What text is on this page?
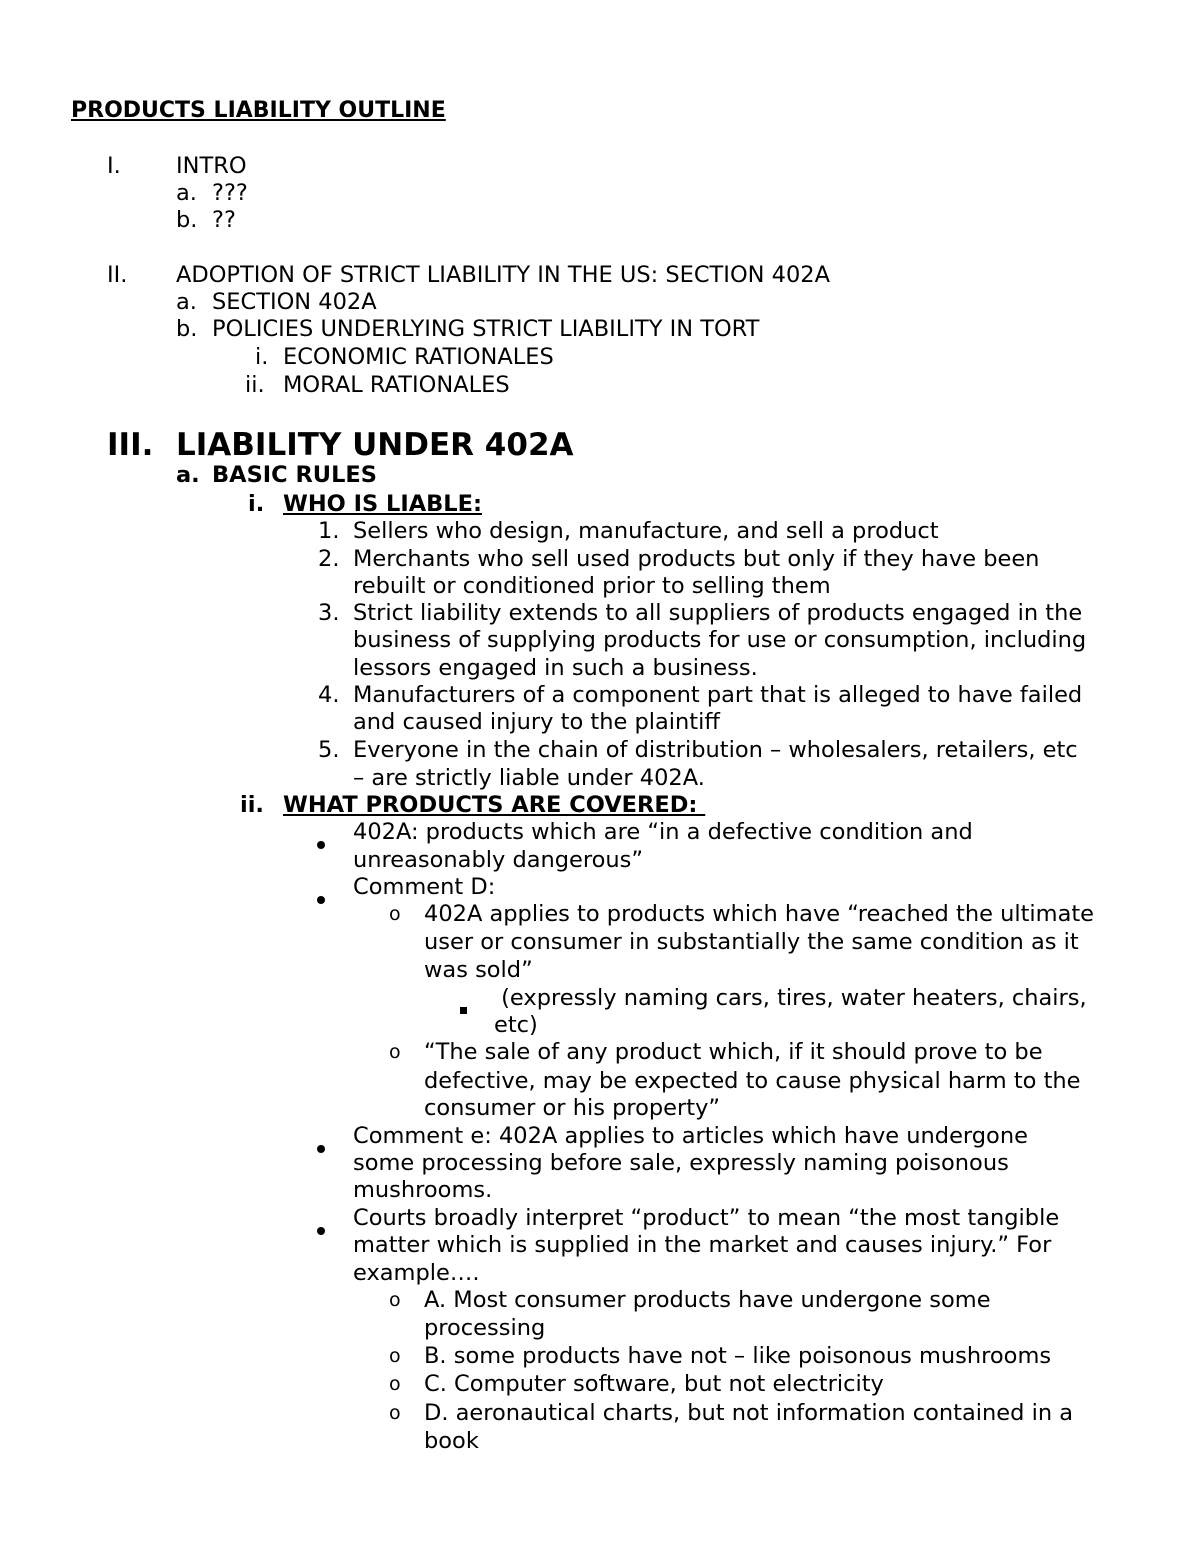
PRODUCTS LIABILITY OUTLINE
I. INTRO
a. ???
b. ??
II. ADOPTION OF STRICT LIABILITY IN THE US: SECTION 402A
a. SECTION 402A
b. POLICIES UNDERLYING STRICT LIABILITY IN TORT
i. ECONOMIC RATIONALES
ii. MORAL RATIONALES
III. LIABILITY UNDER 402A
a. BASIC RULES
i. WHO IS LIABLE:
1. Sellers who design, manufacture, and sell a product
2. Merchants who sell used products but only if they have been
rebuilt or conditioned prior to selling them
3. Strict liability extends to all suppliers of products engaged in the
business of supplying products for use or consumption, including
lessors engaged in such a business.
4. Manufacturers of a component part that is alleged to have failed
and caused injury to the plaintiff
5. Everyone in the chain of distribution – wholesalers, retailers, etc
– are strictly liable under 402A.
ii. WHAT PRODUCTS ARE COVERED:
402A: products which are “in a defective condition and
unreasonably dangerous”
Comment D:
o 402A applies to products which have “reached the ultimate
user or consumer in substantially the same condition as it
was sold”
(expressly naming cars, tires, water heaters, chairs,
etc)
o “The sale of any product which, if it should prove to be
defective, may be expected to cause physical harm to the
consumer or his property”
Comment e: 402A applies to articles which have undergone
some processing before sale, expressly naming poisonous
mushrooms.
Courts broadly interpret “product” to mean “the most tangible
matter which is supplied in the market and causes injury.” For
example….
o A. Most consumer products have undergone some
processing
o B. some products have not – like poisonous mushrooms
o C. Computer software, but not electricity
o D. aeronautical charts, but not information contained in a
book
